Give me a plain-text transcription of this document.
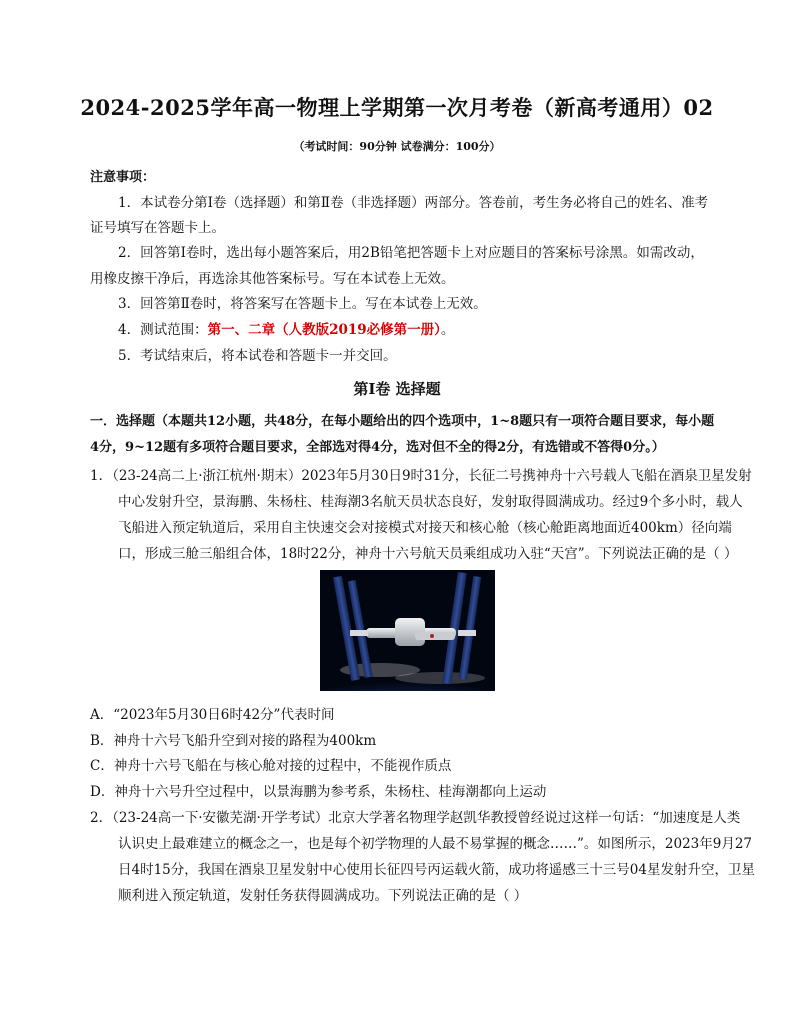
2024-2025学年高一物理上学期第一次月考卷（新高考通用）02
（考试时间：90分钟 试卷满分：100分）
注意事项：
1．本试卷分第Ⅰ卷（选择题）和第Ⅱ卷（非选择题）两部分。答卷前，考生务必将自己的姓名、准考
证号填写在答题卡上。
2．回答第Ⅰ卷时，选出每小题答案后，用2B铅笔把答题卡上对应题目的答案标号涂黑。如需改动，
用橡皮擦干净后，再选涂其他答案标号。写在本试卷上无效。
3．回答第Ⅱ卷时，将答案写在答题卡上。写在本试卷上无效。
4．测试范围：第一、二章（人教版2019必修第一册）。
5．考试结束后，将本试卷和答题卡一并交回。
第Ⅰ卷 选择题
一．选择题（本题共12小题，共48分，在每小题给出的四个选项中，1~8题只有一项符合题目要求，每小题
4分，9~12题有多项符合题目要求，全部选对得4分，选对但不全的得2分，有选错或不答得0分。）
1．（23-24高二上·浙江杭州·期末）2023年5月30日9时31分，长征二号携神舟十六号载人飞船在酒泉卫星发射
中心发射升空，景海鹏、朱杨柱、桂海潮3名航天员状态良好，发射取得圆满成功。经过9个多小时，载人
飞船进入预定轨道后，采用自主快速交会对接模式对接天和核心舱（核心舱距离地面近400km）径向端
口，形成三舱三船组合体，18时22分，神舟十六号航天员乘组成功入驻“天宫”。下列说法正确的是（ ）
A．“2023年5月30日6时42分”代表时间
B．神舟十六号飞船升空到对接的路程为400km
C．神舟十六号飞船在与核心舱对接的过程中，不能视作质点
D．神舟十六号升空过程中，以景海鹏为参考系，朱杨柱、桂海潮都向上运动
2．（23-24高一下·安徽芜湖·开学考试）北京大学著名物理学赵凯华教授曾经说过这样一句话：“加速度是人类
认识史上最难建立的概念之一，也是每个初学物理的人最不易掌握的概念……”。如图所示，2023年9月27
日4时15分，我国在酒泉卫星发射中心使用长征四号丙运载火箭，成功将遥感三十三号04星发射升空，卫星
顺利进入预定轨道，发射任务获得圆满成功。下列说法正确的是（ ）
